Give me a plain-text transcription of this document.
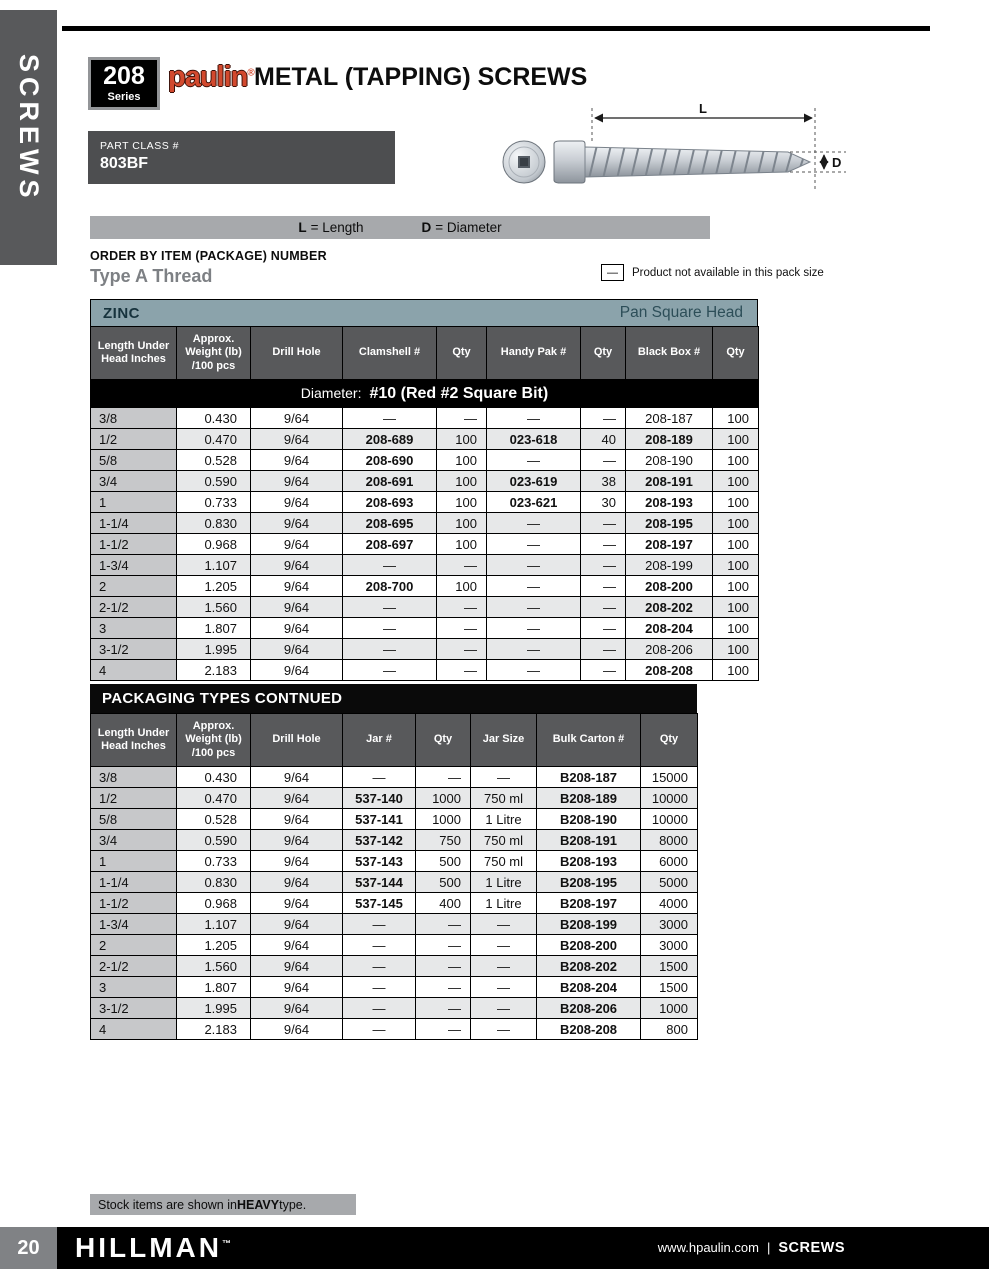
SCREWS 208
Series
paulin® METAL (TAPPING) SCREWS
PART CLASS #
803BF
L
D
L = Length	D = Diameter
ORDER BY ITEM (PACKAGE) NUMBER
Type A Thread	— Product not available in this pack size
ZINC	Pan Square Head
Length Under Head Inches	Approx. Weight (lb) /100 pcs	Drill Hole	Clamshell #	Qty	Handy Pak #	Qty	Black Box #	Qty
Diameter: #10 (Red #2 Square Bit)								
3/8	0.430	9/64	—	—	—	—	208-187	100
1/2	0.470	9/64	208-689	100	023-618	40	208-189	100
5/8	0.528	9/64	208-690	100	—	—	208-190	100
3/4	0.590	9/64	208-691	100	023-619	38	208-191	100
1	0.733	9/64	208-693	100	023-621	30	208-193	100
1-1/4	0.830	9/64	208-695	100	—	—	208-195	100
1-1/2	0.968	9/64	208-697	100	—	—	208-197	100
1-3/4	1.107	9/64	—	—	—	—	208-199	100
2	1.205	9/64	208-700	100	—	—	208-200	100
2-1/2	1.560	9/64	—	—	—	—	208-202	100
3	1.807	9/64	—	—	—	—	208-204	100
3-1/2	1.995	9/64	—	—	—	—	208-206	100
4	2.183	9/64	—	—	—	—	208-208	100
PACKAGING TYPES CONTNUED
Length Under Head Inches	Approx. Weight (lb) /100 pcs	Drill Hole	Jar #	Qty	Jar Size	Bulk Carton #	Qty
3/8	0.430	9/64	—	—	—	B208-187	15000
1/2	0.470	9/64	537-140	1000	750 ml	B208-189	10000
5/8	0.528	9/64	537-141	1000	1 Litre	B208-190	10000
3/4	0.590	9/64	537-142	750	750 ml	B208-191	8000
1	0.733	9/64	537-143	500	750 ml	B208-193	6000
1-1/4	0.830	9/64	537-144	500	1 Litre	B208-195	5000
1-1/2	0.968	9/64	537-145	400	1 Litre	B208-197	4000
1-3/4	1.107	9/64	—	—	—	B208-199	3000
2	1.205	9/64	—	—	—	B208-200	3000
2-1/2	1.560	9/64	—	—	—	B208-202	1500
3	1.807	9/64	—	—	—	B208-204	1500
3-1/2	1.995	9/64	—	—	—	B208-206	1000
4	2.183	9/64	—	—	—	B208-208	800
Stock items are shown in HEAVY type.
20	HILLMAN™	www.hpaulin.com | SCREWS
